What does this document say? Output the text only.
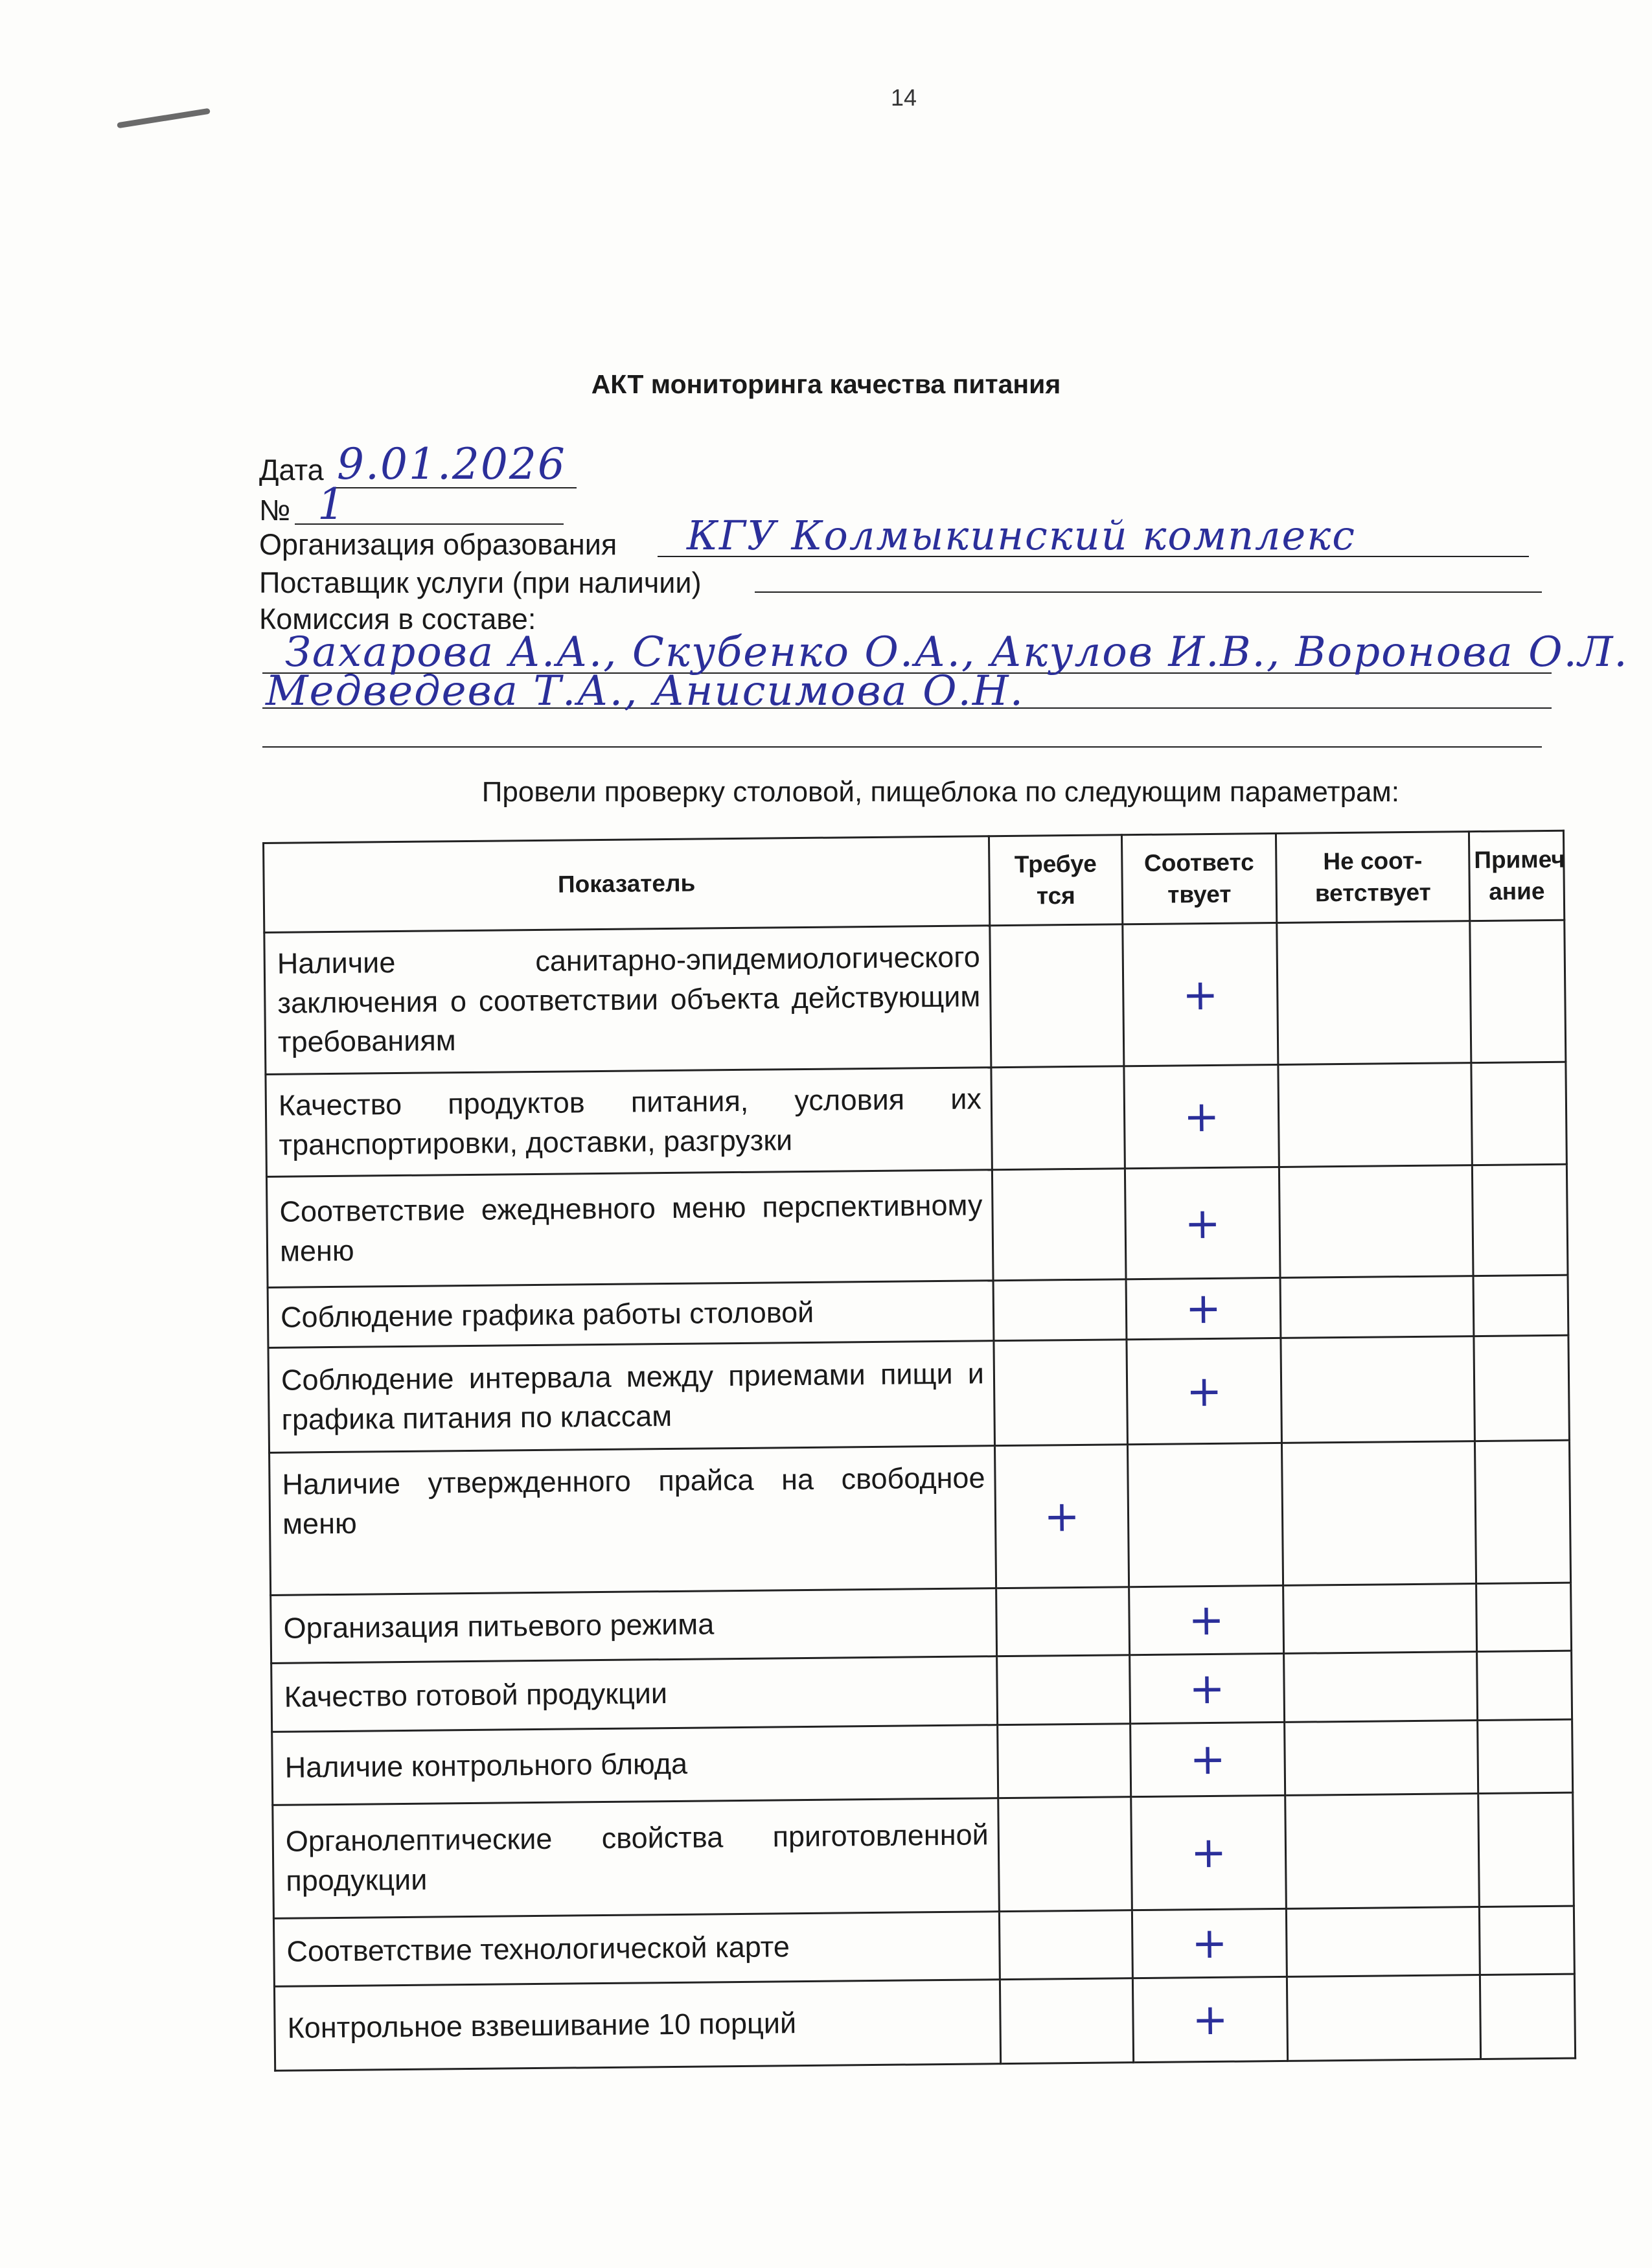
14
АКТ мониторинга качества питания
Дата 9.01.2026
№ 1
Организация образования КГУ Колмыкинский комплекс
Поставщик услуги (при наличии)
Комиссия в составе:
Захарова А.А., Скубенко О.А., Акулов И.В., Воронова О.Л.
Медведева Т.А., Анисимова О.Н.
Провели проверку столовой, пищеблока по следующим параметрам:
Показатель	Требуе тся	Соответс твует	Не соот-ветствует	Примеч ание
Наличие санитарно-эпидемиологического заключения о соответствии объекта действующим требованиям		+		
Качество продуктов питания, условия их транспортировки, доставки, разгрузки		+		
Соответствие ежедневного меню перспективному меню		+		
Соблюдение графика работы столовой		+		
Соблюдение интервала между приемами пищи и графика питания по классам		+		
Наличие утвержденного прайса на свободное меню	+			
Организация питьевого режима		+		
Качество готовой продукции		+		
Наличие контрольного блюда		+		
Органолептические свойства приготовленной продукции		+		
Соответствие технологической карте		+		
Контрольное взвешивание 10 порций		+		
